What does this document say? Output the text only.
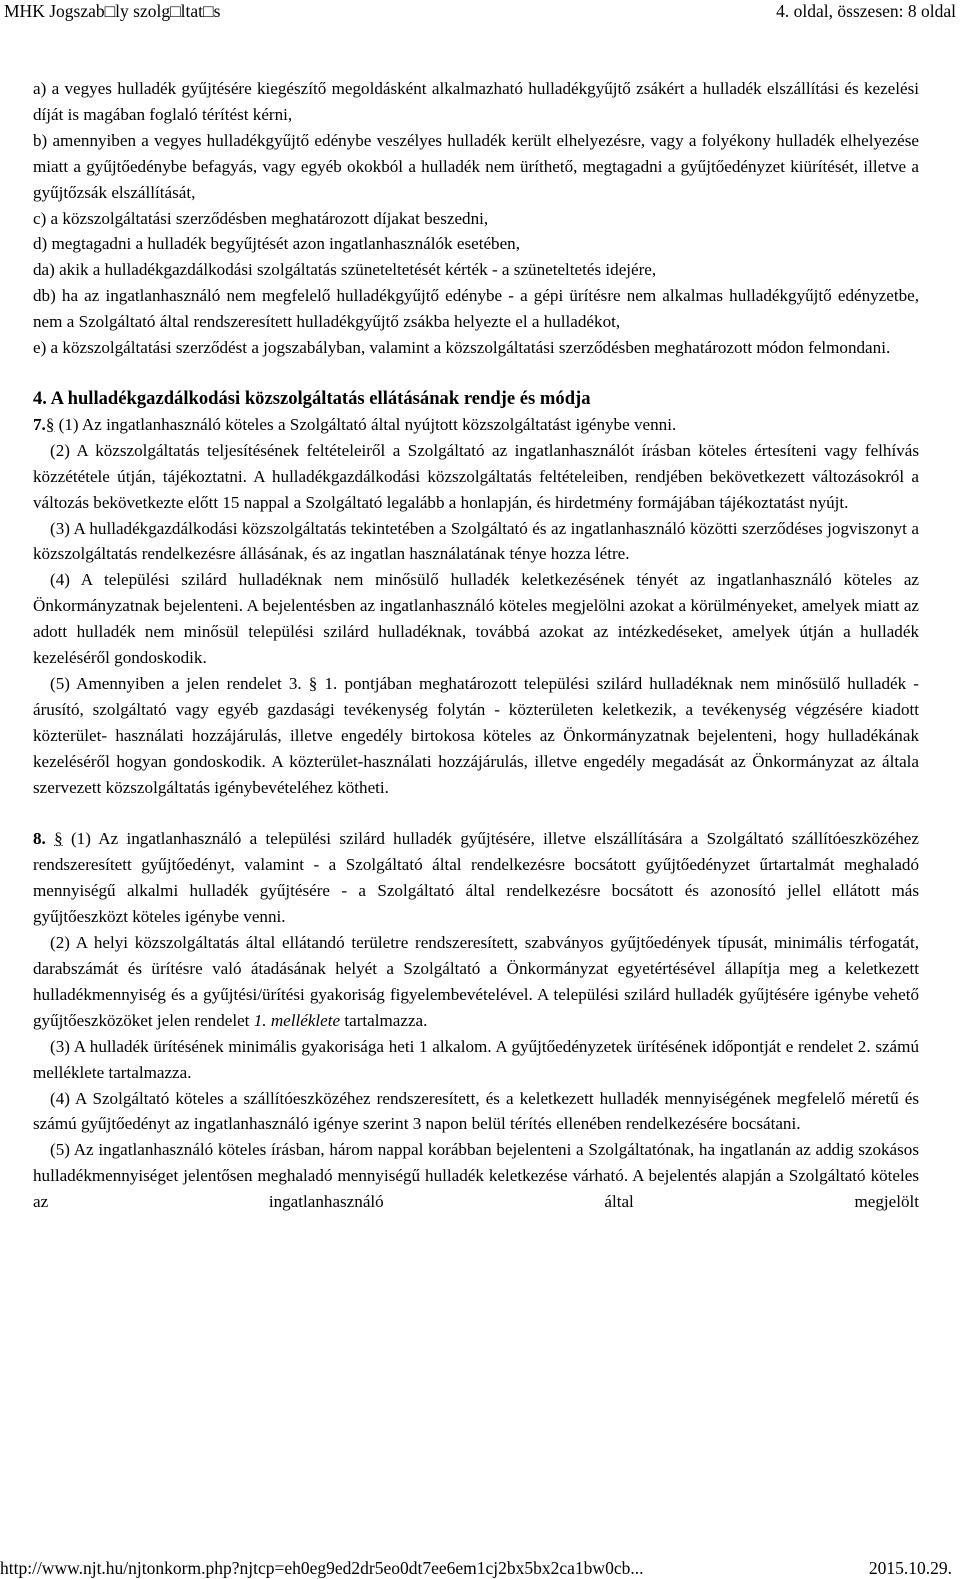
MHK Jogszab□ly szolg□ltat□s	4. oldal, összesen: 8 oldal

a) a vegyes hulladék gyűjtésére kiegészítő megoldásként alkalmazható hulladékgyűjtő zsákért a hulladék elszállítási és kezelési díját is magában foglaló térítést kérni,

b) amennyiben a vegyes hulladékgyűjtő edénybe veszélyes hulladék került elhelyezésre, vagy a folyékony hulladék elhelyezése miatt a gyűjtőedénybe befagyás, vagy egyéb okokból a hulladék nem üríthető, megtagadni a gyűjtőedényzet kiürítését, illetve a gyűjtőzsák elszállítását,

c) a közszolgáltatási szerződésben meghatározott díjakat beszedni,

d) megtagadni a hulladék begyűjtését azon ingatlanhasználók esetében,

da) akik a hulladékgazdálkodási szolgáltatás szüneteltetését kérték - a szüneteltetés idejére,

db) ha az ingatlanhasználó nem megfelelő hulladékgyűjtő edénybe - a gépi ürítésre nem alkalmas hulladékgyűjtő edényzetbe, nem a Szolgáltató által rendszeresített hulladékgyűjtő zsákba helyezte el a hulladékot,

e) a közszolgáltatási szerződést a jogszabályban, valamint a közszolgáltatási szerződésben meghatározott módon felmondani.

4. A hulladékgazdálkodási közszolgáltatás ellátásának rendje és módja

7.§ (1) Az ingatlanhasználó köteles a Szolgáltató által nyújtott közszolgáltatást igénybe venni.

(2) A közszolgáltatás teljesítésének feltételeiről a Szolgáltató az ingatlanhasználót írásban köteles értesíteni vagy felhívás közzététele útján, tájékoztatni. A hulladékgazdálkodási közszolgáltatás feltételeiben, rendjében bekövetkezett változásokról a változás bekövetkezte előtt 15 nappal a Szolgáltató legalább a honlapján, és hirdetmény formájában tájékoztatást nyújt.

(3) A hulladékgazdálkodási közszolgáltatás tekintetében a Szolgáltató és az ingatlanhasználó közötti szerződéses jogviszonyt a közszolgáltatás rendelkezésre állásának, és az ingatlan használatának ténye hozza létre.

(4) A települési szilárd hulladéknak nem minősülő hulladék keletkezésének tényét az ingatlanhasználó köteles az Önkormányzatnak bejelenteni. A bejelentésben az ingatlanhasználó köteles megjelölni azokat a körülményeket, amelyek miatt az adott hulladék nem minősül települési szilárd hulladéknak, továbbá azokat az intézkedéseket, amelyek útján a hulladék kezeléséről gondoskodik.

(5) Amennyiben a jelen rendelet 3. § 1. pontjában meghatározott települési szilárd hulladéknak nem minősülő hulladék - árusító, szolgáltató vagy egyéb gazdasági tevékenység folytán - közterületen keletkezik, a tevékenység végzésére kiadott közterület- használati hozzájárulás, illetve engedély birtokosa köteles az Önkormányzatnak bejelenteni, hogy hulladékának kezeléséről hogyan gondoskodik. A közterület-használati hozzájárulás, illetve engedély megadását az Önkormányzat az általa szervezett közszolgáltatás igénybevételéhez kötheti.

8. § (1) Az ingatlanhasználó a települési szilárd hulladék gyűjtésére, illetve elszállítására a Szolgáltató szállítóeszközéhez rendszeresített gyűjtőedényt, valamint - a Szolgáltató által rendelkezésre bocsátott gyűjtőedényzet űrtartalmát meghaladó mennyiségű alkalmi hulladék gyűjtésére - a Szolgáltató által rendelkezésre bocsátott és azonosító jellel ellátott más gyűjtőeszközt köteles igénybe venni.

(2) A helyi közszolgáltatás által ellátandó területre rendszeresített, szabványos gyűjtőedények típusát, minimális térfogatát, darabszámát és ürítésre való átadásának helyét a Szolgáltató a Önkormányzat egyetértésével állapítja meg a keletkezett hulladékmennyiség és a gyűjtési/ürítési gyakoriság figyelembevételével. A települési szilárd hulladék gyűjtésére igénybe vehető gyűjtőeszközöket jelen rendelet 1. melléklete tartalmazza.

(3) A hulladék ürítésének minimális gyakorisága heti 1 alkalom. A gyűjtőedényzetek ürítésének időpontját e rendelet 2. számú melléklete tartalmazza.

(4) A Szolgáltató köteles a szállítóeszközéhez rendszeresített, és a keletkezett hulladék mennyiségének megfelelő méretű és számú gyűjtőedényt az ingatlanhasználó igénye szerint 3 napon belül térítés ellenében rendelkezésére bocsátani.

(5) Az ingatlanhasználó köteles írásban, három nappal korábban bejelenteni a Szolgáltatónak, ha ingatlanán az addig szokásos hulladékmennyiséget jelentősen meghaladó mennyiségű hulladék keletkezése várható. A bejelentés alapján a Szolgáltató köteles az ingatlanhasználó által megjelölt

http://www.njt.hu/njtonkorm.php?njtcp=eh0eg9ed2dr5eo0dt7ee6em1cj2bx5bx2ca1bw0cb...	2015.10.29.
